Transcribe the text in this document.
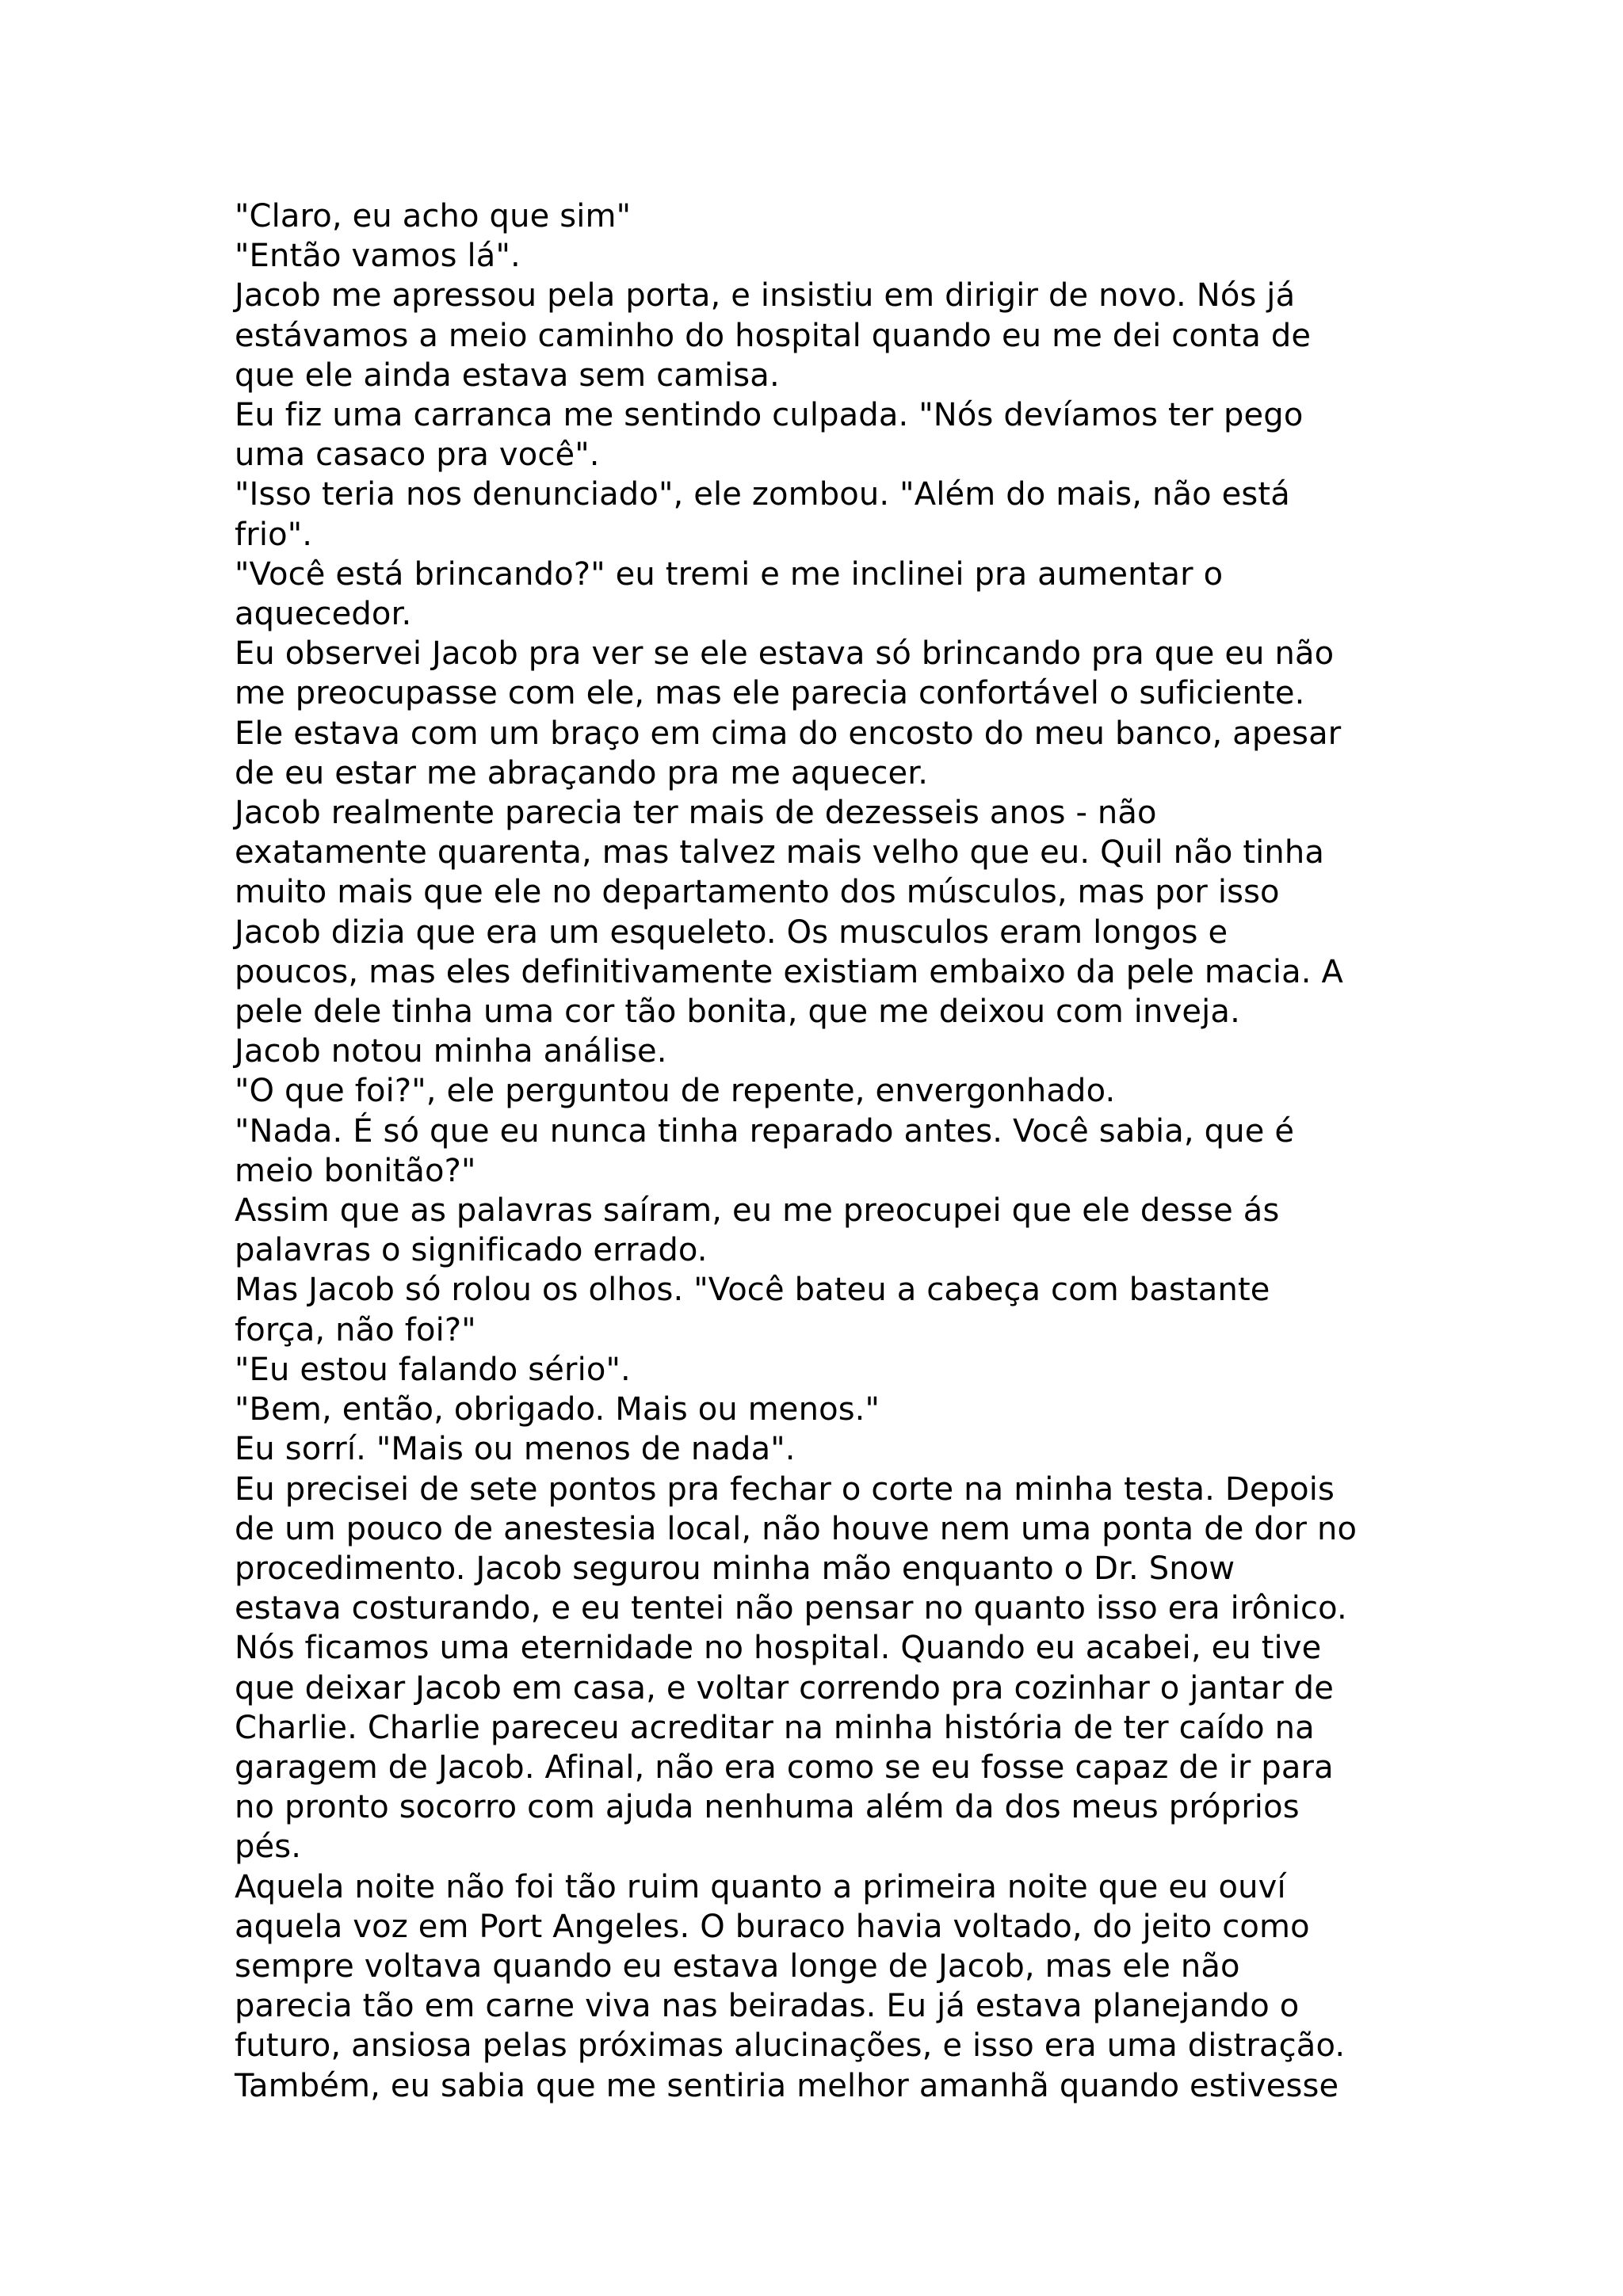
"Claro, eu acho que sim"
"Então vamos lá".
Jacob me apressou pela porta, e insistiu em dirigir de novo. Nós já
estávamos a meio caminho do hospital quando eu me dei conta de
que ele ainda estava sem camisa.
Eu fiz uma carranca me sentindo culpada. "Nós devíamos ter pego
uma casaco pra você".
"Isso teria nos denunciado", ele zombou. "Além do mais, não está
frio".
"Você está brincando?" eu tremi e me inclinei pra aumentar o
aquecedor.
Eu observei Jacob pra ver se ele estava só brincando pra que eu não
me preocupasse com ele, mas ele parecia confortável o suficiente.
Ele estava com um braço em cima do encosto do meu banco, apesar
de eu estar me abraçando pra me aquecer.
Jacob realmente parecia ter mais de dezesseis anos - não
exatamente quarenta, mas talvez mais velho que eu. Quil não tinha
muito mais que ele no departamento dos músculos, mas por isso
Jacob dizia que era um esqueleto. Os musculos eram longos e
poucos, mas eles definitivamente existiam embaixo da pele macia. A
pele dele tinha uma cor tão bonita, que me deixou com inveja.
Jacob notou minha análise.
"O que foi?", ele perguntou de repente, envergonhado.
"Nada. É só que eu nunca tinha reparado antes. Você sabia, que é
meio bonitão?"
Assim que as palavras saíram, eu me preocupei que ele desse ás
palavras o significado errado.
Mas Jacob só rolou os olhos. "Você bateu a cabeça com bastante
força, não foi?"
"Eu estou falando sério".
"Bem, então, obrigado. Mais ou menos."
Eu sorrí. "Mais ou menos de nada".
Eu precisei de sete pontos pra fechar o corte na minha testa. Depois
de um pouco de anestesia local, não houve nem uma ponta de dor no
procedimento. Jacob segurou minha mão enquanto o Dr. Snow
estava costurando, e eu tentei não pensar no quanto isso era irônico.
Nós ficamos uma eternidade no hospital. Quando eu acabei, eu tive
que deixar Jacob em casa, e voltar correndo pra cozinhar o jantar de
Charlie. Charlie pareceu acreditar na minha história de ter caído na
garagem de Jacob. Afinal, não era como se eu fosse capaz de ir para
no pronto socorro com ajuda nenhuma além da dos meus próprios
pés.
Aquela noite não foi tão ruim quanto a primeira noite que eu ouví
aquela voz em Port Angeles. O buraco havia voltado, do jeito como
sempre voltava quando eu estava longe de Jacob, mas ele não
parecia tão em carne viva nas beiradas. Eu já estava planejando o
futuro, ansiosa pelas próximas alucinações, e isso era uma distração.
Também, eu sabia que me sentiria melhor amanhã quando estivesse
